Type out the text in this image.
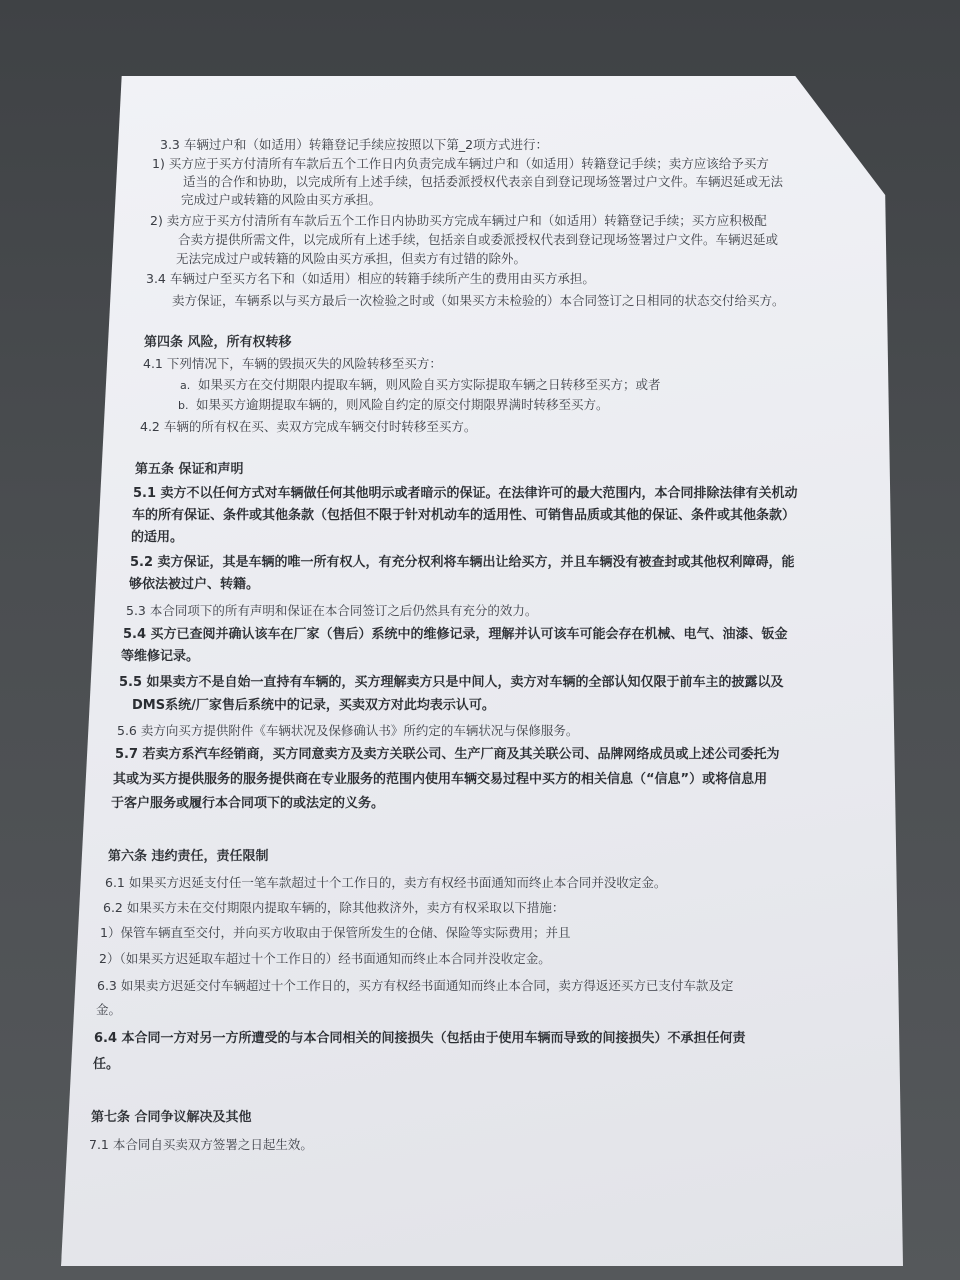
3.3 车辆过户和（如适用）转籍登记手续应按照以下第_2项方式进行：
1) 买方应于买方付清所有车款后五个工作日内负责完成车辆过户和（如适用）转籍登记手续；卖方应该给予买方
适当的合作和协助，以完成所有上述手续，包括委派授权代表亲自到登记现场签署过户文件。车辆迟延或无法
完成过户或转籍的风险由买方承担。
2) 卖方应于买方付清所有车款后五个工作日内协助买方完成车辆过户和（如适用）转籍登记手续；买方应积极配
合卖方提供所需文件，以完成所有上述手续，包括亲自或委派授权代表到登记现场签署过户文件。车辆迟延或
无法完成过户或转籍的风险由买方承担，但卖方有过错的除外。
3.4 车辆过户至买方名下和（如适用）相应的转籍手续所产生的费用由买方承担。
卖方保证，车辆系以与买方最后一次检验之时或（如果买方未检验的）本合同签订之日相同的状态交付给买方。
第四条 风险，所有权转移
4.1 下列情况下，车辆的毁损灭失的风险转移至买方：
a. 如果买方在交付期限内提取车辆，则风险自买方实际提取车辆之日转移至买方；或者
b. 如果买方逾期提取车辆的，则风险自约定的原交付期限界满时转移至买方。
4.2 车辆的所有权在买、卖双方完成车辆交付时转移至买方。
第五条 保证和声明
5.1 卖方不以任何方式对车辆做任何其他明示或者暗示的保证。在法律许可的最大范围内，本合同排除法律有关机动
车的所有保证、条件或其他条款（包括但不限于针对机动车的适用性、可销售品质或其他的保证、条件或其他条款）
的适用。
5.2 卖方保证，其是车辆的唯一所有权人，有充分权利将车辆出让给买方，并且车辆没有被查封或其他权利障碍，能
够依法被过户、转籍。
5.3 本合同项下的所有声明和保证在本合同签订之后仍然具有充分的效力。
5.4 买方已查阅并确认该车在厂家（售后）系统中的维修记录，理解并认可该车可能会存在机械、电气、油漆、钣金
等维修记录。
5.5 如果卖方不是自始一直持有车辆的，买方理解卖方只是中间人，卖方对车辆的全部认知仅限于前车主的披露以及
DMS系统/厂家售后系统中的记录，买卖双方对此均表示认可。
5.6 卖方向买方提供附件《车辆状况及保修确认书》所约定的车辆状况与保修服务。
5.7 若卖方系汽车经销商，买方同意卖方及卖方关联公司、生产厂商及其关联公司、品牌网络成员或上述公司委托为
其或为买方提供服务的服务提供商在专业服务的范围内使用车辆交易过程中买方的相关信息（“信息”）或将信息用
于客户服务或履行本合同项下的或法定的义务。
第六条 违约责任，责任限制
6.1 如果买方迟延支付任一笔车款超过十个工作日的，卖方有权经书面通知而终止本合同并没收定金。
6.2 如果买方未在交付期限内提取车辆的，除其他救济外，卖方有权采取以下措施：
1）保管车辆直至交付，并向买方收取由于保管所发生的仓储、保险等实际费用；并且
2）（如果买方迟延取车超过十个工作日的）经书面通知而终止本合同并没收定金。
6.3 如果卖方迟延交付车辆超过十个工作日的，买方有权经书面通知而终止本合同，卖方得返还买方已支付车款及定
金。
6.4 本合同一方对另一方所遭受的与本合同相关的间接损失（包括由于使用车辆而导致的间接损失）不承担任何责
任。
第七条 合同争议解决及其他
7.1 本合同自买卖双方签署之日起生效。
